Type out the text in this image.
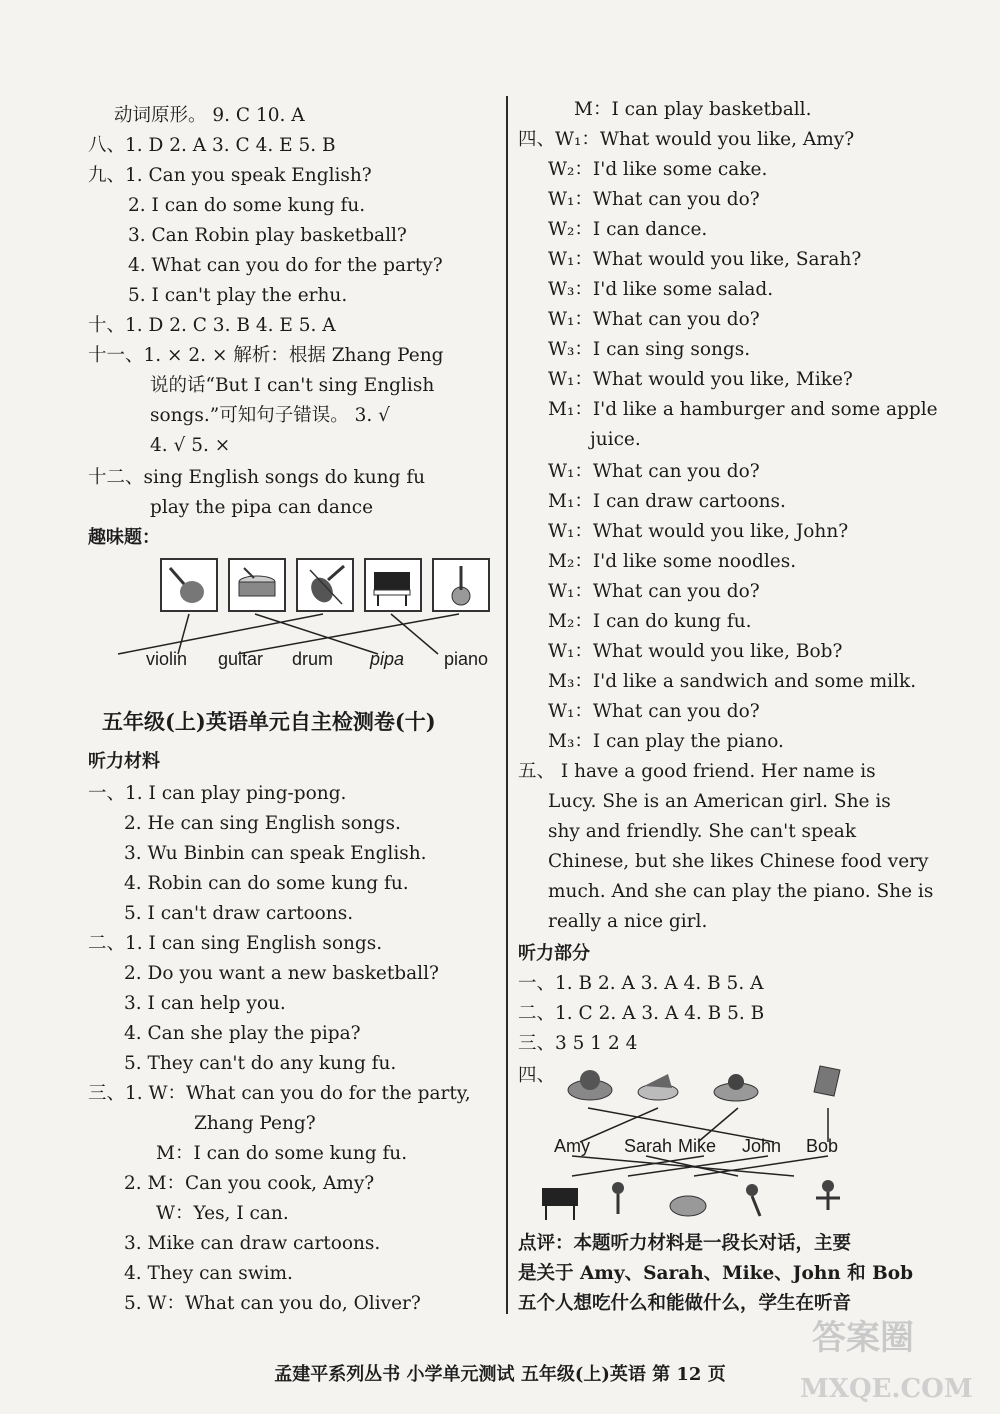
动词原形。 9. C 10. A
八、1. D 2. A 3. C 4. E 5. B
九、1. Can you speak English?
2. I can do some kung fu.
3. Can Robin play basketball?
4. What can you do for the party?
5. I can't play the erhu.
十、1. D 2. C 3. B 4. E 5. A
十一、1. × 2. × 解析：根据 Zhang Peng
说的话“But I can't sing English
songs.”可知句子错误。 3. √
4. √ 5. ×
十二、sing English songs do kung fu
play the pipa can dance
趣味题：
violin guitar drum pipa piano
五年级(上)英语单元自主检测卷(十)
听力材料
一、1. I can play ping-pong.
2. He can sing English songs.
3. Wu Binbin can speak English.
4. Robin can do some kung fu.
5. I can't draw cartoons.
二、1. I can sing English songs.
2. Do you want a new basketball?
3. I can help you.
4. Can she play the pipa?
5. They can't do any kung fu.
三、1. W：What can you do for the party,
Zhang Peng?
M：I can do some kung fu.
2. M：Can you cook, Amy?
W：Yes, I can.
3. Mike can draw cartoons.
4. They can swim.
5. W：What can you do, Oliver?
M：I can play basketball.
四、W₁：What would you like, Amy?
W₂：I'd like some cake.
W₁：What can you do?
W₂：I can dance.
W₁：What would you like, Sarah?
W₃：I'd like some salad.
W₁：What can you do?
W₃：I can sing songs.
W₁：What would you like, Mike?
M₁：I'd like a hamburger and some apple
juice.
W₁：What can you do?
M₁：I can draw cartoons.
W₁：What would you like, John?
M₂：I'd like some noodles.
W₁：What can you do?
M₂：I can do kung fu.
W₁：What would you like, Bob?
M₃：I'd like a sandwich and some milk.
W₁：What can you do?
M₃：I can play the piano.
五、 I have a good friend. Her name is
Lucy. She is an American girl. She is
shy and friendly. She can't speak
Chinese, but she likes Chinese food very
much. And she can play the piano. She is
really a nice girl.
听力部分
一、1. B 2. A 3. A 4. B 5. A
二、1. C 2. A 3. A 4. B 5. B
三、3 5 1 2 4
四、
Amy Sarah Mike John Bob
点评：本题听力材料是一段长对话，主要
是关于 Amy、Sarah、Mike、John 和 Bob
五个人想吃什么和能做什么，学生在听音
孟建平系列丛书 小学单元测试 五年级(上)英语 第 12 页
答案圈
MXQE.COM
